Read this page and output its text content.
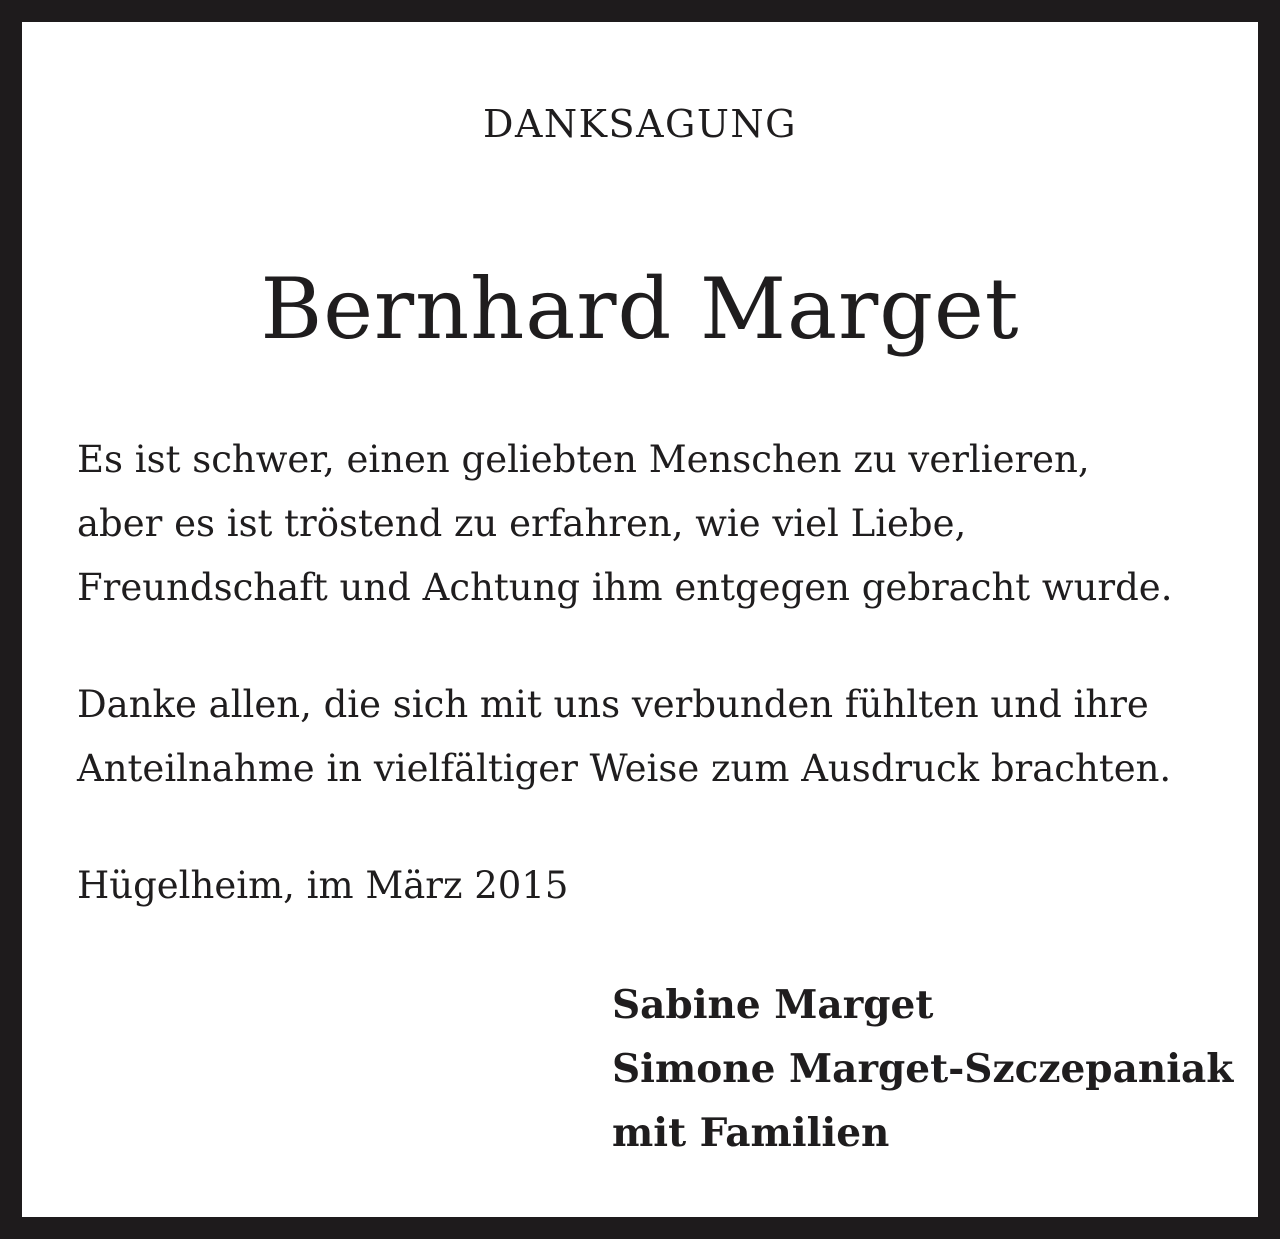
DANKSAGUNG
Bernhard Marget
Es ist schwer, einen geliebten Menschen zu verlieren,
aber es ist tröstend zu erfahren, wie viel Liebe,
Freundschaft und Achtung ihm entgegen gebracht wurde.
Danke allen, die sich mit uns verbunden fühlten und ihre
Anteilnahme in vielfältiger Weise zum Ausdruck brachten.
Hügelheim, im März 2015
Sabine Marget
Simone Marget-Szczepaniak
mit Familien
